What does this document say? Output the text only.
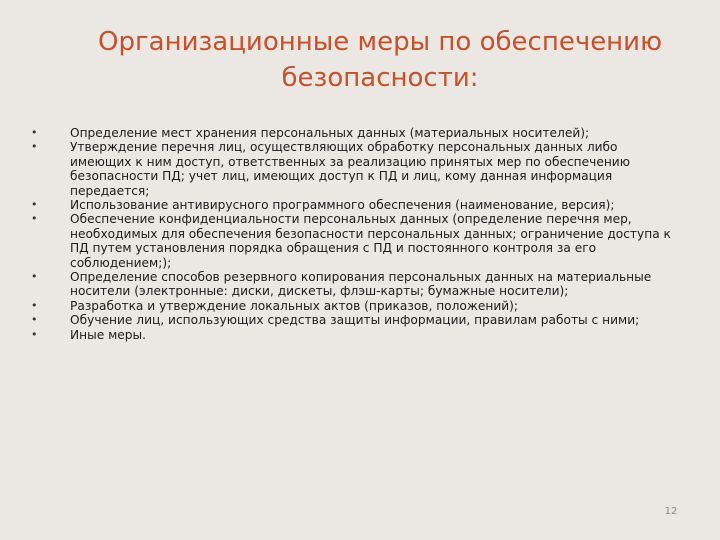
Организационные меры по обеспечению
безопасности:
•	Определение мест хранения персональных данных (материальных носителей);
•	Утверждение перечня лиц, осуществляющих обработку персональных данных либо имеющих к ним доступ, ответственных за реализацию принятых мер по обеспечению безопасности ПД; учет лиц, имеющих доступ к ПД и лиц, кому данная информация передается;
•	Использование антивирусного программного обеспечения (наименование, версия);
•	Обеспечение конфиденциальности персональных данных (определение перечня мер, необходимых для обеспечения безопасности персональных данных; ограничение доступа к ПД путем установления порядка обращения с ПД и постоянного контроля за его соблюдением;);
•	Определение способов резервного копирования персональных данных на материальные носители (электронные: диски, дискеты, флэш-карты; бумажные носители);
•	Разработка и утверждение локальных актов (приказов, положений);
•	Обучение лиц, использующих средства защиты информации, правилам работы с ними;
•	Иные меры.
12
